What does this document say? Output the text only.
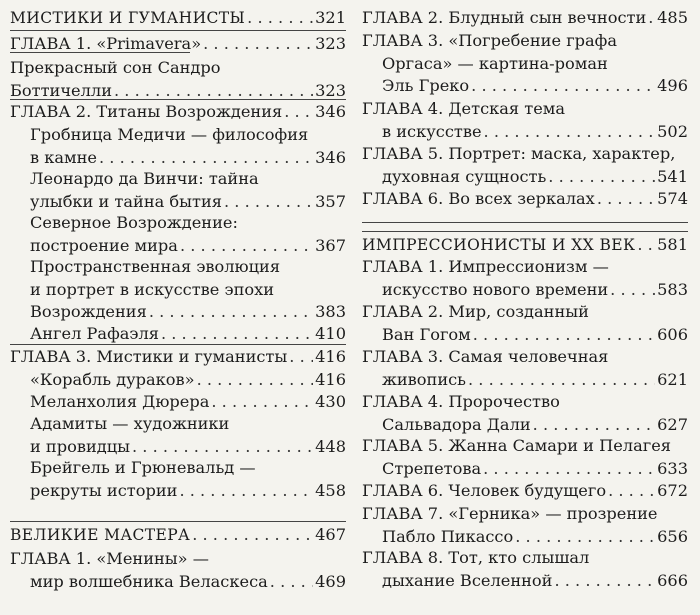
МИСТИКИ И ГУМАНИСТЫ . . .	321
ГЛАВА 1. «Primavera» . . .	323
Прекрасный сон Сандро
Боттичелли . . .	323
ГЛАВА 2. Титаны Возрождения . . . 346
Гробница Медичи — философия
в камне . . .	346
Леонардо да Винчи: тайна
улыбки и тайна бытия . . .	357
Северное Возрождение:
построение мира . . .	367
Пространственная эволюция
и портрет в искусстве эпохи
Возрождения . . .	383
Ангел Рафаэля . . .	410
ГЛАВА 3. Мистики и гуманисты . . . 416
«Корабль дураков» . . .	416
Меланхолия Дюрера . . .	430
Адамиты — художники
и провидцы . . .	448
Брейгель и Грюневальд —
рекруты истории . . .	458
ВЕЛИКИЕ МАСТЕРА . . .	467
ГЛАВА 1. «Менины» —
мир волшебника Веласкеса . . .	469
ГЛАВА 2. Блудный сын вечности . . . 485
ГЛАВА 3. «Погребение графа
Оргаса» — картина-роман
Эль Греко . . .	496
ГЛАВА 4. Детская тема
в искусстве . . .	502
ГЛАВА 5. Портрет: маска, характер,
духовная сущность . . .	541
ГЛАВА 6. Во всех зеркалах . . .	574
ИМПРЕССИОНИСТЫ И ХХ ВЕК . . . 581
ГЛАВА 1. Импрессионизм —
искусство нового времени . . .	583
ГЛАВА 2. Мир, созданный
Ван Гогом . . .	606
ГЛАВА 3. Самая человечная
живопись . . .	621
ГЛАВА 4. Пророчество
Сальвадора Дали . . .	627
ГЛАВА 5. Жанна Самари и Пелагея
Стрепетова . . .	633
ГЛАВА 6. Человек будущего . . .	672
ГЛАВА 7. «Герника» — прозрение
Пабло Пикассо . . .	656
ГЛАВА 8. Тот, кто слышал
дыхание Вселенной . . .	666
